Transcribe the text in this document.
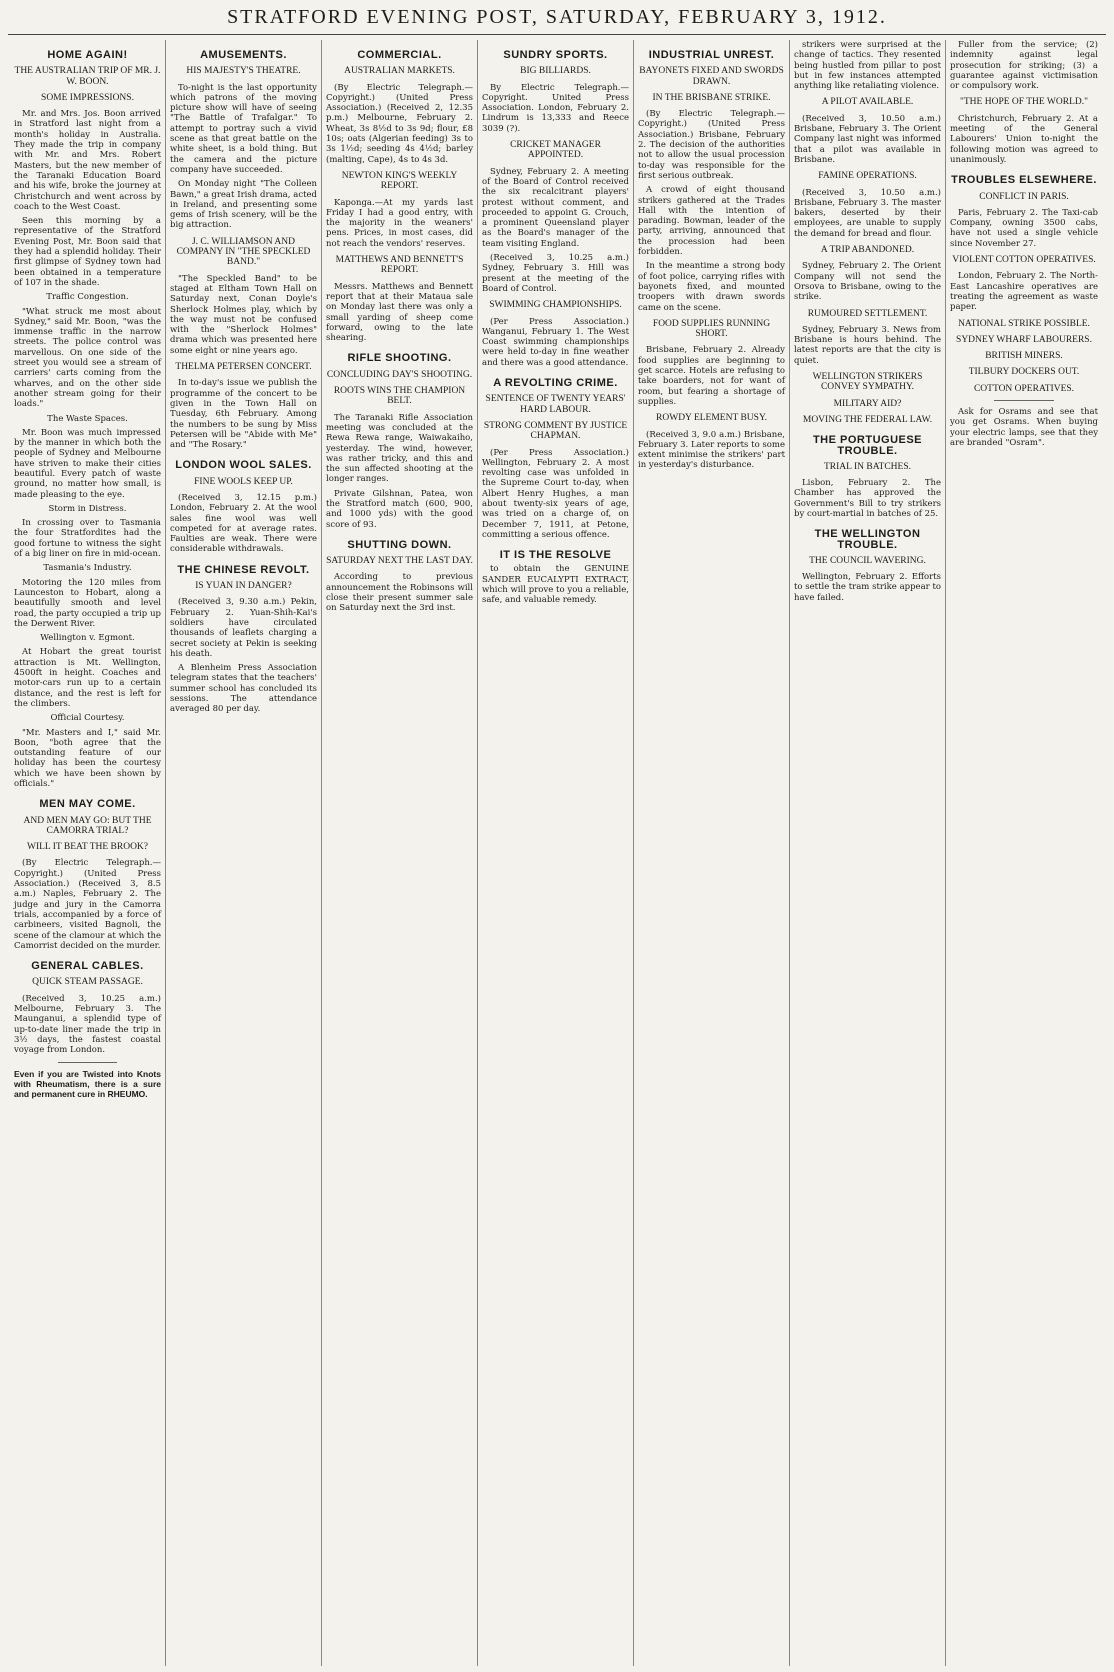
STRATFORD EVENING POST, SATURDAY, FEBRUARY 3, 1912.
HOME AGAIN!
THE AUSTRALIAN TRIP OF MR. J. W. BOON.
SOME IMPRESSIONS.

Mr. and Mrs. Jos. Boon arrived in Stratford last night from a month's holiday in Australia. They made the trip in company with Mr. and Mrs. Robert Masters, but the new member of the Taranaki Education Board and his wife, broke the journey at Christchurch and went across by coach to the West Coast.

Seen this morning by a representative of the Stratford Evening Post, Mr. Boon said that they had a splendid holiday. Their first glimpse of Sydney town had been obtained in a temperature of 107 in the shade.

Traffic Congestion.

"What struck me most about Sydney," said Mr. Boon, "was the immense traffic in the narrow streets. The police control was marvellous. On one side of the street you would see a stream of carriers' carts coming from the wharves, and on the other side another stream going for their loads."

The Waste Spaces.

Mr. Boon was much impressed by the manner in which both the people of Sydney and Melbourne have striven to make their cities beautiful. Every patch of waste ground, no matter how small, is made pleasing to the eye.

Storm in Distress.

In crossing over to Tasmania the four Stratfordites had the good fortune to witness the sight of a big liner on fire in mid-ocean.

Tasmania's Industry.

Motoring the 120 miles from Launceston to Hobart, along a beautifully smooth and level road, the party occupied a trip up the Derwent River.

Wellington v. Egmont.

At Hobart the great tourist attraction is Mt. Wellington, 4500ft in height. Coaches and motor-cars run up to a certain distance, and the rest is left for the climbers.

Official Courtesy.

"Mr. Masters and I," said Mr. Boon, "both agree that the outstanding feature of our holiday has been the courtesy which we have been shown by officials."

MEN MAY COME.
AND MEN MAY GO: BUT THE CAMORRA TRIAL?
WILL IT BEAT THE BROOK?

(By Electric Telegraph.—Copyright.) (United Press Association.) (Received 3, 8.5 a.m.) Naples, February 2. The judge and jury in the Camorra trials, accompanied by a force of carbineers, visited Bagnoli, the scene of the clamour at which the Camorrist decided on the murder.

GENERAL CABLES.
QUICK STEAM PASSAGE.

(Received 3, 10.25 a.m.) Melbourne, February 3. The Maunganui, a splendid type of up-to-date liner made the trip in 3½ days, the fastest coastal voyage from London.

Even if you are Twisted into Knots with Rheumatism, there is a sure and permanent cure in RHEUMO.

AMUSEMENTS.
HIS MAJESTY'S THEATRE.

To-night is the last opportunity which patrons of the moving picture show will have of seeing "The Battle of Trafalgar." To attempt to portray such a vivid scene as that great battle on the white sheet, is a bold thing. But the camera and the picture company have succeeded.

On Monday night "The Colleen Bawn," a great Irish drama, acted in Ireland, and presenting some gems of Irish scenery, will be the big attraction.

J. C. WILLIAMSON AND COMPANY IN "THE SPECKLED BAND."

"The Speckled Band" to be staged at Eltham Town Hall on Saturday next, Conan Doyle's Sherlock Holmes play, which by the way must not be confused with the "Sherlock Holmes" drama which was presented here some eight or nine years ago.

THELMA PETERSEN CONCERT.

In to-day's issue we publish the programme of the concert to be given in the Town Hall on Tuesday, 6th February. Among the numbers to be sung by Miss Petersen will be "Abide with Me" and "The Rosary."

LONDON WOOL SALES.
FINE WOOLS KEEP UP.

(Received 3, 12.15 p.m.) London, February 2. At the wool sales fine wool was well competed for at average rates. Faulties are weak. There were considerable withdrawals.

THE CHINESE REVOLT.
IS YUAN IN DANGER?

(Received 3, 9.30 a.m.) Pekin, February 2. Yuan-Shih-Kai's soldiers have circulated thousands of leaflets charging a secret society at Pekin is seeking his death.

A Blenheim Press Association telegram states that the teachers' summer school has concluded its sessions. The attendance averaged 80 per day.

COMMERCIAL.
AUSTRALIAN MARKETS.

(By Electric Telegraph.—Copyright.) (United Press Association.) (Received 2, 12.35 p.m.) Melbourne, February 2. Wheat, 3s 8½d to 3s 9d; flour, £8 10s; oats (Algerian feeding) 3s to 3s 1½d; seeding 4s 4½d; barley (malting, Cape), 4s to 4s 3d.

NEWTON KING'S WEEKLY REPORT.

Kaponga.—At my yards last Friday I had a good entry, with the majority in the weaners' pens. Prices, in most cases, did not reach the vendors' reserves.

MATTHEWS AND BENNETT'S REPORT.

Messrs. Matthews and Bennett report that at their Mataua sale on Monday last there was only a small yarding of sheep come forward, owing to the late shearing.

RIFLE SHOOTING.
CONCLUDING DAY'S SHOOTING.
ROOTS WINS THE CHAMPION BELT.

The Taranaki Rifle Association meeting was concluded at the Rewa Rewa range, Waiwakaiho, yesterday. The wind, however, was rather tricky, and this and the sun affected shooting at the longer ranges.

Private Gilshnan, Patea, won the Stratford match (600, 900, and 1000 yds) with the good score of 93.

SHUTTING DOWN.
SATURDAY NEXT THE LAST DAY.

According to previous announcement the Robinsons will close their present summer sale on Saturday next the 3rd inst.

SUNDRY SPORTS.
BIG BILLIARDS.

By Electric Telegraph.—Copyright. United Press Association. London, February 2. Lindrum is 13,333 and Reece 3039 (?).

CRICKET MANAGER APPOINTED.

Sydney, February 2. A meeting of the Board of Control received the six recalcitrant players' protest without comment, and proceeded to appoint G. Crouch, a prominent Queensland player as the Board's manager of the team visiting England.

(Received 3, 10.25 a.m.) Sydney, February 3. Hill was present at the meeting of the Board of Control.

SWIMMING CHAMPIONSHIPS.

(Per Press Association.) Wanganui, February 1. The West Coast swimming championships were held to-day in fine weather and there was a good attendance.

A REVOLTING CRIME.
SENTENCE OF TWENTY YEARS' HARD LABOUR.
STRONG COMMENT BY JUSTICE CHAPMAN.

(Per Press Association.) Wellington, February 2. A most revolting case was unfolded in the Supreme Court to-day, when Albert Henry Hughes, a man about twenty-six years of age, was tried on a charge of, on December 7, 1911, at Petone, committing a serious offence.

IT IS THE RESOLVE

to obtain the GENUINE SANDER EUCALYPTI EXTRACT, which will prove to you a reliable, safe, and valuable remedy.

INDUSTRIAL UNREST.
BAYONETS FIXED AND SWORDS DRAWN.
IN THE BRISBANE STRIKE.

(By Electric Telegraph.—Copyright.) (United Press Association.) Brisbane, February 2. The decision of the authorities not to allow the usual procession to-day was responsible for the first serious outbreak.

A crowd of eight thousand strikers gathered at the Trades Hall with the intention of parading. Bowman, leader of the party, arriving, announced that the procession had been forbidden.

In the meantime a strong body of foot police, carrying rifles with bayonets fixed, and mounted troopers with drawn swords came on the scene.

FOOD SUPPLIES RUNNING SHORT.

Brisbane, February 2. Already food supplies are beginning to get scarce. Hotels are refusing to take boarders, not for want of room, but fearing a shortage of supplies.

ROWDY ELEMENT BUSY.

(Received 3, 9.0 a.m.) Brisbane, February 3. Later reports to some extent minimise the strikers' part in yesterday's disturbance.

strikers were surprised at the change of tactics. They resented being hustled from pillar to post but in few instances attempted anything like retaliating violence.

A PILOT AVAILABLE.

(Received 3, 10.50 a.m.) Brisbane, February 3. The Orient Company last night was informed that a pilot was available in Brisbane.

FAMINE OPERATIONS.

(Received 3, 10.50 a.m.) Brisbane, February 3. The master bakers, deserted by their employees, are unable to supply the demand for bread and flour.

A TRIP ABANDONED.

Sydney, February 2. The Orient Company will not send the Orsova to Brisbane, owing to the strike.

RUMOURED SETTLEMENT.

Sydney, February 3. News from Brisbane is hours behind. The latest reports are that the city is quiet.

WELLINGTON STRIKERS CONVEY SYMPATHY.
MILITARY AID?
MOVING THE FEDERAL LAW.
THE PORTUGUESE TROUBLE.
TRIAL IN BATCHES.

Lisbon, February 2. The Chamber has approved the Government's Bill to try strikers by court-martial in batches of 25.

THE WELLINGTON TROUBLE.
THE COUNCIL WAVERING.

Wellington, February 2. Efforts to settle the tram strike appear to have failed.

Fuller from the service; (2) indemnity against legal prosecution for striking; (3) a guarantee against victimisation or compulsory work.

"THE HOPE OF THE WORLD."

Christchurch, February 2. At a meeting of the General Labourers' Union to-night the following motion was agreed to unanimously.

TROUBLES ELSEWHERE.
CONFLICT IN PARIS.

Paris, February 2. The Taxi-cab Company, owning 3500 cabs, have not used a single vehicle since November 27.

VIOLENT COTTON OPERATIVES.

London, February 2. The North-East Lancashire operatives are treating the agreement as waste paper.

NATIONAL STRIKE POSSIBLE.
SYDNEY WHARF LABOURERS.
BRITISH MINERS.
TILBURY DOCKERS OUT.
COTTON OPERATIVES.

Ask for Osrams and see that you get Osrams. When buying your electric lamps, see that they are branded "Osram".
